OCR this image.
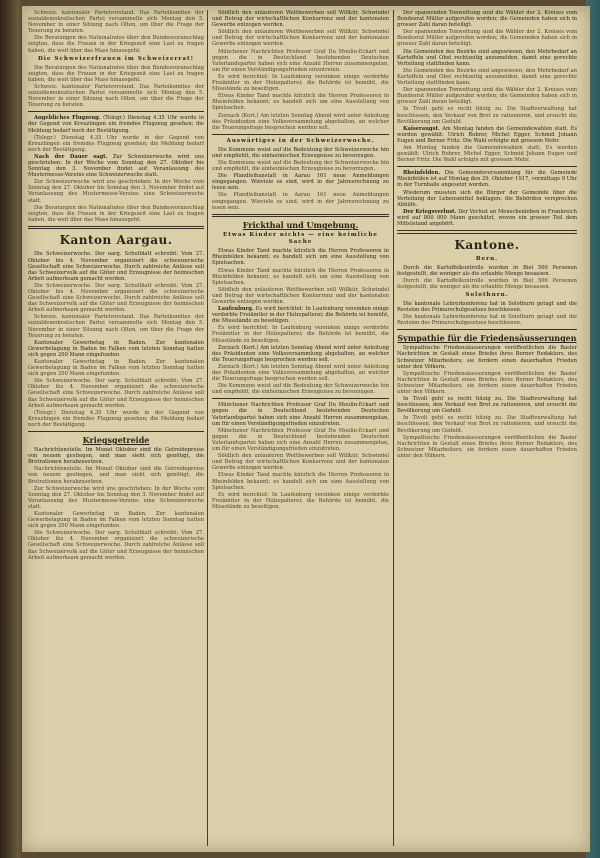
Schweiz. kantonaler Parteivorstand. Das Parteikomitee der sozialdemokratischen Partei versammelte sich Montag den 5. November in einer Sitzung nach Olten, um über die Frage der Teuerung zu beraten.

Die Beratungen des Nationalrates über den Bundesvoranschlag zeigten, dass die Frauen in der Kriegszeit eine Last zu tragen haben, die weit über das Mass hinausgeht.

Die Schweizerfrauen im Schweizerrat!

Die Beratungen des Nationalrates über den Bundesvoranschlag zeigten, dass die Frauen in der Kriegszeit eine Last zu tragen haben, die weit über das Mass hinausgeht.

Schweiz. kantonaler Parteivorstand. Das Parteikomitee der sozialdemokratischen Partei versammelte sich Montag den 5. November in einer Sitzung nach Olten, um über die Frage der Teuerung zu beraten.

Angebliches Flugzeug. (Telegr.) Dienstag 4.35 Uhr wurde in der Gegend von Kreuzlingen ein fremdes Flugzeug gesehen; die Meldung bedarf noch der Bestätigung.

(Telegr.) Dienstag 4.35 Uhr wurde in der Gegend von Kreuzlingen ein fremdes Flugzeug gesehen; die Meldung bedarf noch der Bestätigung.

Nach der Dauer sagt. Zur Schweizerwoche wird uns geschrieben: In der Woche vom Sonntag den 27. Oktober bis Sonntag den 3. November findet auf Veranlassung des Mustermesse-Vereins eine Schweizerwoche statt.

Zur Schweizerwoche wird uns geschrieben: In der Woche vom Sonntag den 27. Oktober bis Sonntag den 3. November findet auf Veranlassung des Mustermesse-Vereins eine Schweizerwoche statt.

Die Beratungen des Nationalrates über den Bundesvoranschlag zeigten, dass die Frauen in der Kriegszeit eine Last zu tragen haben, die weit über das Mass hinausgeht.

Kanton Aargau.

Die Schweizerwoche. Der oarg. Schulblatt schreibt: Vom 27. Oktober bis 4. November organisiert die schweizerische Gesellschaft eine Schweizerwoche. Durch zahlreiche Anlässe soll das Schweizervolk auf die Güter und Erzeugnisse der heimischen Arbeit aufmerksam gemacht werden.

Die Schweizerwoche. Der oarg. Schulblatt schreibt: Vom 27. Oktober bis 4. November organisiert die schweizerische Gesellschaft eine Schweizerwoche. Durch zahlreiche Anlässe soll das Schweizervolk auf die Güter und Erzeugnisse der heimischen Arbeit aufmerksam gemacht werden.

Schweiz. kantonaler Parteivorstand. Das Parteikomitee der sozialdemokratischen Partei versammelte sich Montag den 5. November in einer Sitzung nach Olten, um über die Frage der Teuerung zu beraten.

Kantonaler Gewerbetag in Baden. Zur kantonalen Gewerbetagung in Baden im Falken vom letzten Sonntag hatten sich gegen 200 Mann eingefunden.

Kantonaler Gewerbetag in Baden. Zur kantonalen Gewerbetagung in Baden im Falken vom letzten Sonntag hatten sich gegen 200 Mann eingefunden.

Die Schweizerwoche. Der oarg. Schulblatt schreibt: Vom 27. Oktober bis 4. November organisiert die schweizerische Gesellschaft eine Schweizerwoche. Durch zahlreiche Anlässe soll das Schweizervolk auf die Güter und Erzeugnisse der heimischen Arbeit aufmerksam gemacht werden.

(Telegr.) Dienstag 4.35 Uhr wurde in der Gegend von Kreuzlingen ein fremdes Flugzeug gesehen; die Meldung bedarf noch der Bestätigung.

Kriegsgetreide

Nachrichtensteile. Im Monat Oktober sind die Getreidepreise von neuem gestiegen, und man sieht sich genötigt, die Brotrationen herabzusetzen.

Nachrichtensteile. Im Monat Oktober sind die Getreidepreise von neuem gestiegen, und man sieht sich genötigt, die Brotrationen herabzusetzen.

Zur Schweizerwoche wird uns geschrieben: In der Woche vom Sonntag den 27. Oktober bis Sonntag den 3. November findet auf Veranlassung des Mustermesse-Vereins eine Schweizerwoche statt.

Kantonaler Gewerbetag in Baden. Zur kantonalen Gewerbetagung in Baden im Falken vom letzten Sonntag hatten sich gegen 200 Mann eingefunden.

Die Schweizerwoche. Der oarg. Schulblatt schreibt: Vom 27. Oktober bis 4. November organisiert die schweizerische Gesellschaft eine Schweizerwoche. Durch zahlreiche Anlässe soll das Schweizervolk auf die Güter und Erzeugnisse der heimischen Arbeit aufmerksam gemacht werden.

Söldlich den unlauteren Wettbewerben soll Willkür, Schwindel und Betrug der wirtschaftlichen Konkurrenz und der kantonalen Gewerbe entzogen werden.

Söldlich den unlauteren Wettbewerben soll Willkür, Schwindel und Betrug der wirtschaftlichen Konkurrenz und der kantonalen Gewerbe entzogen werden.

Münchener Nachrichten Professor Graf Du Moulin-Eckart und gegen die in Deutschland bestehenden Deutschen Vaterlandspartei haben sich eine Anzahl Herren zusammengetan, um für einen Verständigungsfrieden einzutreten.

Es wird berichtet: In Laufenburg versinken einige verdorbte Freiämtler in der Holzspalterei; die Behörde ist bemüht, die Missstände zu beseitigen.

Etwas Kinder Tand machte kürzlich die Herren Professoren in Rheinfelden bekannt; es handelt sich um eine Ausstellung von Spielsachen.

Zurzach (Kort.) Am letzten Sonntag Abend wird unter Anleitung des Präsidenten eine Volksversammlung abgehalten, an welcher die Teuerungsfrage besprochen werden soll.

Auswärtiges in der Schweizerwoche.

Die Kommune weist auf die Bedeutung der Schweizerwoche hin und empfiehlt, die einheimischen Erzeugnisse zu bevorzugen.

Die Kommune weist auf die Bedeutung der Schweizerwoche hin und empfiehlt, die einheimischen Erzeugnisse zu bevorzugen.

Die Pfandleihanstalt in Aarau 161 neue Anmeldungen eingegangen. Wieviele es sind, wird in der Jahresrechnung zu lesen sein.

Die Pfandleihanstalt in Aarau 161 neue Anmeldungen eingegangen. Wieviele es sind, wird in der Jahresrechnung zu lesen sein.

Frickthal und Umgebung.
Etwas Kinder nichts — eine heimliche Sache

Etwas Kinder Tand machte kürzlich die Herren Professoren in Rheinfelden bekannt; es handelt sich um eine Ausstellung von Spielsachen.

Etwas Kinder Tand machte kürzlich die Herren Professoren in Rheinfelden bekannt; es handelt sich um eine Ausstellung von Spielsachen.

Söldlich den unlauteren Wettbewerben soll Willkür, Schwindel und Betrug der wirtschaftlichen Konkurrenz und der kantonalen Gewerbe entzogen werden.

Laufenburg. Es wird berichtet: In Laufenburg versinken einige verdorbte Freiämtler in der Holzspalterei; die Behörde ist bemüht, die Missstände zu beseitigen.

Es wird berichtet: In Laufenburg versinken einige verdorbte Freiämtler in der Holzspalterei; die Behörde ist bemüht, die Missstände zu beseitigen.

Zurzach (Kort.) Am letzten Sonntag Abend wird unter Anleitung des Präsidenten eine Volksversammlung abgehalten, an welcher die Teuerungsfrage besprochen werden soll.

Zurzach (Kort.) Am letzten Sonntag Abend wird unter Anleitung des Präsidenten eine Volksversammlung abgehalten, an welcher die Teuerungsfrage besprochen werden soll.

Die Kommune weist auf die Bedeutung der Schweizerwoche hin und empfiehlt, die einheimischen Erzeugnisse zu bevorzugen.

Münchener Nachrichten Professor Graf Du Moulin-Eckart und gegen die in Deutschland bestehenden Deutschen Vaterlandspartei haben sich eine Anzahl Herren zusammengetan, um für einen Verständigungsfrieden einzutreten.

Münchener Nachrichten Professor Graf Du Moulin-Eckart und gegen die in Deutschland bestehenden Deutschen Vaterlandspartei haben sich eine Anzahl Herren zusammengetan, um für einen Verständigungsfrieden einzutreten.

Söldlich den unlauteren Wettbewerben soll Willkür, Schwindel und Betrug der wirtschaftlichen Konkurrenz und der kantonalen Gewerbe entzogen werden.

Etwas Kinder Tand machte kürzlich die Herren Professoren in Rheinfelden bekannt; es handelt sich um eine Ausstellung von Spielsachen.

Es wird berichtet: In Laufenburg versinken einige verdorbte Freiämtler in der Holzspalterei; die Behörde ist bemüht, die Missstände zu beseitigen.

Der spannenden Tonwettung sind die Wähler der 2. Kreises vom Bundesrat Müller aufgerufen worden; die Gemeinden haben sich in grosser Zahl daran beteiligt.

Der spannenden Tonwettung sind die Wähler der 2. Kreises vom Bundesrat Müller aufgerufen worden; die Gemeinden haben sich in grosser Zahl daran beteiligt.

Die Gemeinden des Bezirks sind angewiesen, den Mehrbedarf an Kartoffeln und Obst rechtzeitig anzumelden, damit eine gerechte Verteilung stattfinden kann.

Die Gemeinden des Bezirks sind angewiesen, den Mehrbedarf an Kartoffeln und Obst rechtzeitig anzumelden, damit eine gerechte Verteilung stattfinden kann.

Der spannenden Tonwettung sind die Wähler der 2. Kreises vom Bundesrat Müller aufgerufen worden; die Gemeinden haben sich in grosser Zahl daran beteiligt.

In Tivoli geht es recht hitzig zu. Die Stadtverwaltung hat beschlossen, den Verkauf von Brot zu rationieren, und ersucht die Bevölkerung um Geduld.

Kaiseraugst. Am Montag fanden die Gemeindewahlen statt. Es wurden gewählt: Ulrich Rohrer, Michel Egger, Schmid Johann Eugen und Berner Fritz. Die Wahl erfolgte mit grossem Mehr.

Am Montag fanden die Gemeindewahlen statt. Es wurden gewählt: Ulrich Rohrer, Michel Egger, Schmid Johann Eugen und Berner Fritz. Die Wahl erfolgte mit grossem Mehr.

Rheinfelden. Die Gemeindeversammlung für die Gemeinde Rheinfelden ist auf Montag den 29. Oktober 1917, vormittags 9 Uhr in der Turnhalle angesetzt worden.

Wiederum mussten sich die Bürger der Gemeinde über die Verteilung der Lebensmittel beklagen; die Behörden versprechen Abhilfe.

Der Kriegsverlust. Der Verlust an Menschenleben in Frankreich wird auf 800 000 Mann geschätzt, wovon ein grosser Teil dem Mittelstand angehört.

Kantone.
Bern.

Durch die Kartoffelkontrolle wurden in Biel 500 Personen festgestellt, die weniger als die erlaubte Menge besassen.

Durch die Kartoffelkontrolle wurden in Biel 500 Personen festgestellt, die weniger als die erlaubte Menge besassen.

Solothurn.

Die kantonale Lehrerkonferenz hat in Solothurn getagt und die Revision des Primarschulgesetzes beschlossen.

Die kantonale Lehrerkonferenz hat in Solothurn getagt und die Revision des Primarschulgesetzes beschlossen.

Sympathie für die Friedensäusserungen

Sympathische Friedensäusserungen veröffentlichen die Basler Nachrichten in Gestalt eines Briefes ihres Berner Redaktors, des Schweizer Mitarbeiters; sie fordern einen dauerhaften Frieden unter den Völkern.

Sympathische Friedensäusserungen veröffentlichen die Basler Nachrichten in Gestalt eines Briefes ihres Berner Redaktors, des Schweizer Mitarbeiters; sie fordern einen dauerhaften Frieden unter den Völkern.

In Tivoli geht es recht hitzig zu. Die Stadtverwaltung hat beschlossen, den Verkauf von Brot zu rationieren, und ersucht die Bevölkerung um Geduld.

In Tivoli geht es recht hitzig zu. Die Stadtverwaltung hat beschlossen, den Verkauf von Brot zu rationieren, und ersucht die Bevölkerung um Geduld.

Sympathische Friedensäusserungen veröffentlichen die Basler Nachrichten in Gestalt eines Briefes ihres Berner Redaktors, des Schweizer Mitarbeiters; sie fordern einen dauerhaften Frieden unter den Völkern.
